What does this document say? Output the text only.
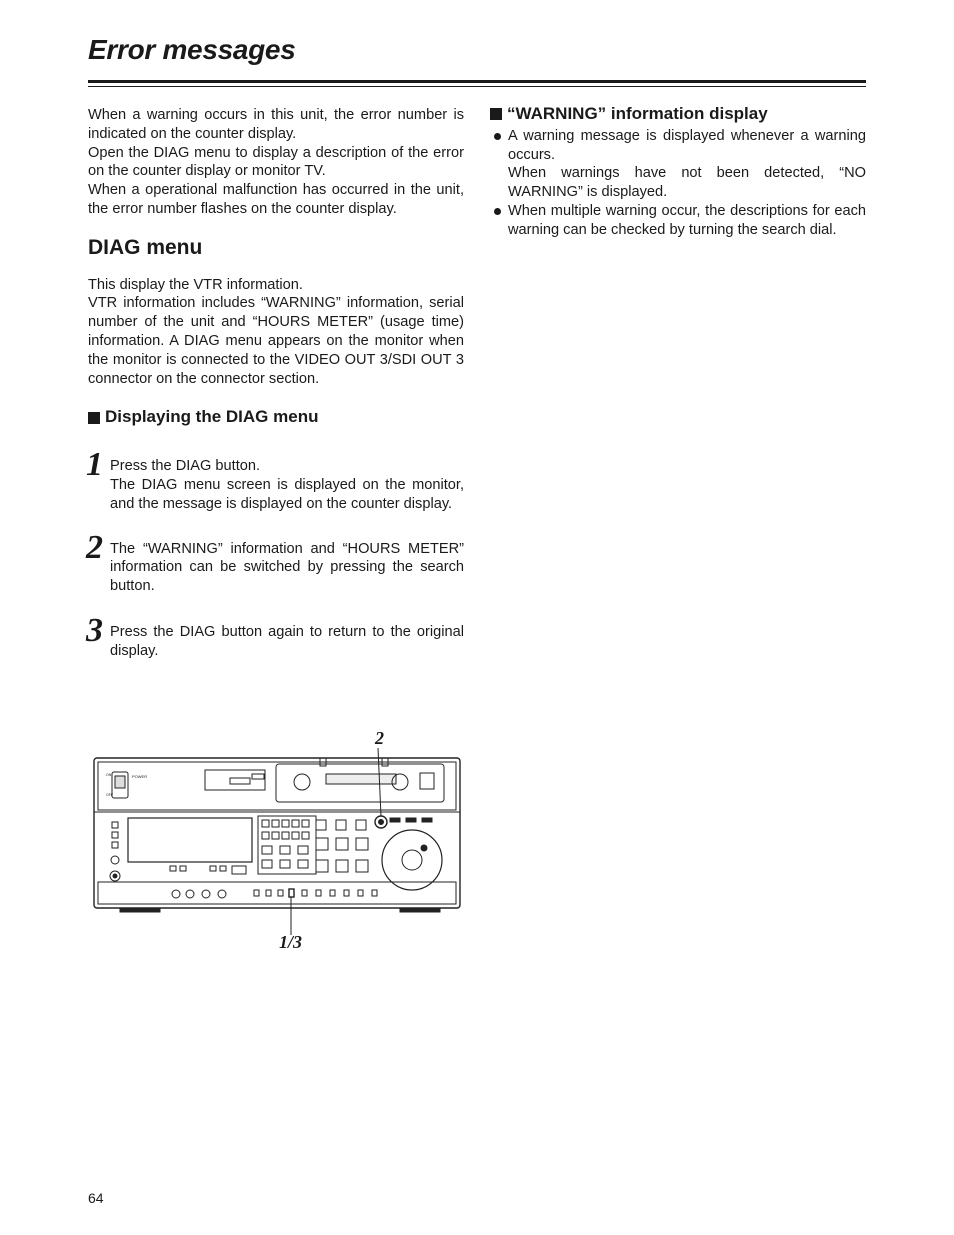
Error messages

When a warning occurs in this unit, the error number is indicated on the counter display.

Open the DIAG menu to display a description of the error on the counter display or monitor TV.

When a operational malfunction has occurred in the unit, the error number flashes on the counter display.

DIAG menu

This display the VTR information.

VTR information includes “WARNING” information, serial number of the unit and “HOURS METER” (usage time) information. A DIAG menu appears on the monitor when the monitor is connected to the VIDEO OUT 3/SDI OUT 3 connector on the connector section.

Displaying the DIAG menu
1 Press the DIAG button.

The DIAG menu screen is displayed on the monitor, and the message is displayed on the counter display.

2 The “WARNING” information and “HOURS METER” information can be switched by pressing the search button.

3 Press the DIAG button again to return to the original display.

“WARNING” information display

A warning message is displayed whenever a warning occurs.

When warnings have not been detected, “NO WARNING” is displayed.

When multiple warning occur, the descriptions for each warning can be checked by turning the search dial.

POWER
ON
OFF
2
1/3
64
